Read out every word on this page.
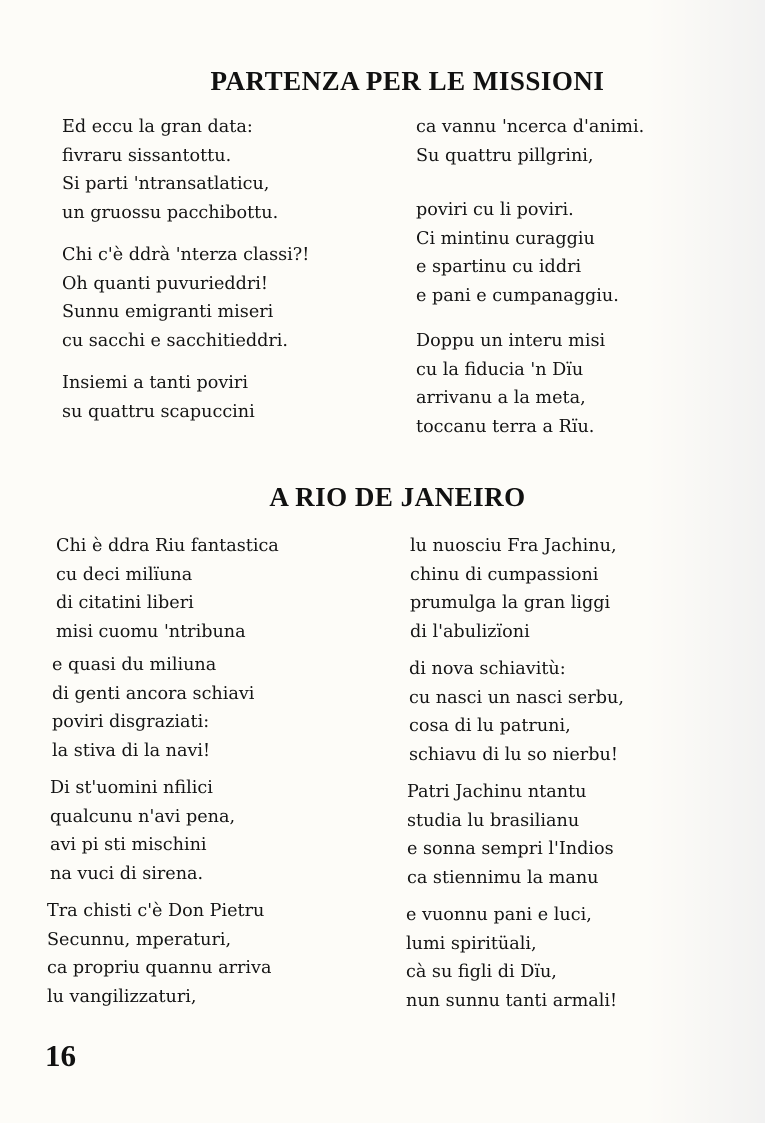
PARTENZA PER LE MISSIONI

Ed eccu la gran data:
fivraru sissantottu.
Si parti 'ntransatlaticu,
un gruossu pacchibottu.

Chi c'è ddrà 'nterza classi?!
Oh quanti puvurieddri!
Sunnu emigranti miseri
cu sacchi e sacchitieddri.

Insiemi a tanti poviri
su quattru scapuccini

ca vannu 'ncerca d'animi.
Su quattru pillgrini,

poviri cu li poviri.
Ci mintinu curaggiu
e spartinu cu iddri
e pani e cumpanaggiu.

Doppu un interu misi
cu la fiducia 'n Dïu
arrivanu a la meta,
toccanu terra a Rïu.

A RIO DE JANEIRO

Chi è ddra Riu fantastica
cu deci milïuna
di citatini liberi
misi cuomu 'ntribuna

e quasi du miliuna
di genti ancora schiavi
poviri disgraziati:
la stiva di la navi!

Di st'uomini nfilici
qualcunu n'avi pena,
avi pi sti mischini
na vuci di sirena.

Tra chisti c'è Don Pietru
Secunnu, mperaturi,
ca propriu quannu arriva
lu vangilizzaturi,

lu nuosciu Fra Jachinu,
chinu di cumpassioni
prumulga la gran liggi
di l'abulizïoni

di nova schiavitù:
cu nasci un nasci serbu,
cosa di lu patruni,
schiavu di lu so nierbu!

Patri Jachinu ntantu
studia lu brasilianu
e sonna sempri l'Indios
ca stiennimu la manu

e vuonnu pani e luci,
lumi spiritüali,
cà su figli di Dïu,
nun sunnu tanti armali!

16
